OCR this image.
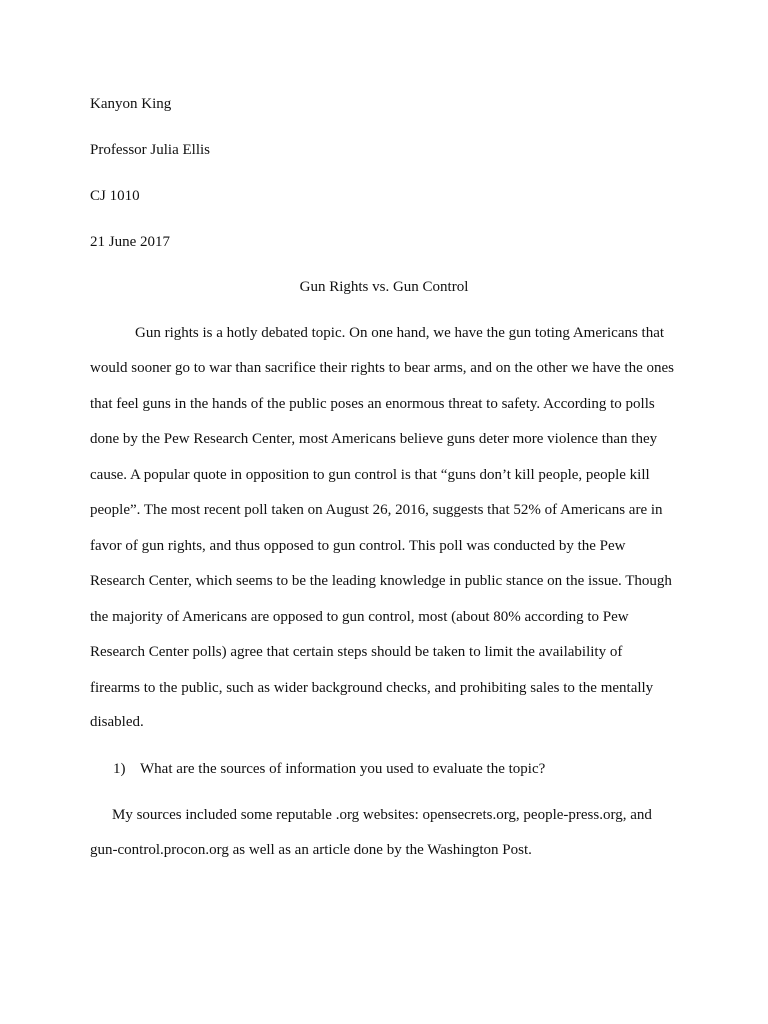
Kanyon King

Professor Julia Ellis

CJ 1010

21 June 2017

Gun Rights vs. Gun Control

Gun rights is a hotly debated topic. On one hand, we have the gun toting Americans that

would sooner go to war than sacrifice their rights to bear arms, and on the other we have the ones

that feel guns in the hands of the public poses an enormous threat to safety. According to polls

done by the Pew Research Center, most Americans believe guns deter more violence than they

cause. A popular quote in opposition to gun control is that “guns don’t kill people, people kill

people”. The most recent poll taken on August 26, 2016, suggests that 52% of Americans are in

favor of gun rights, and thus opposed to gun control. This poll was conducted by the Pew

Research Center, which seems to be the leading knowledge in public stance on the issue. Though

the majority of Americans are opposed to gun control, most (about 80% according to Pew

Research Center polls) agree that certain steps should be taken to limit the availability of

firearms to the public, such as wider background checks, and prohibiting sales to the mentally

disabled.

1) What are the sources of information you used to evaluate the topic?

My sources included some reputable .org websites: opensecrets.org, people-press.org, and

gun-control.procon.org as well as an article done by the Washington Post.
